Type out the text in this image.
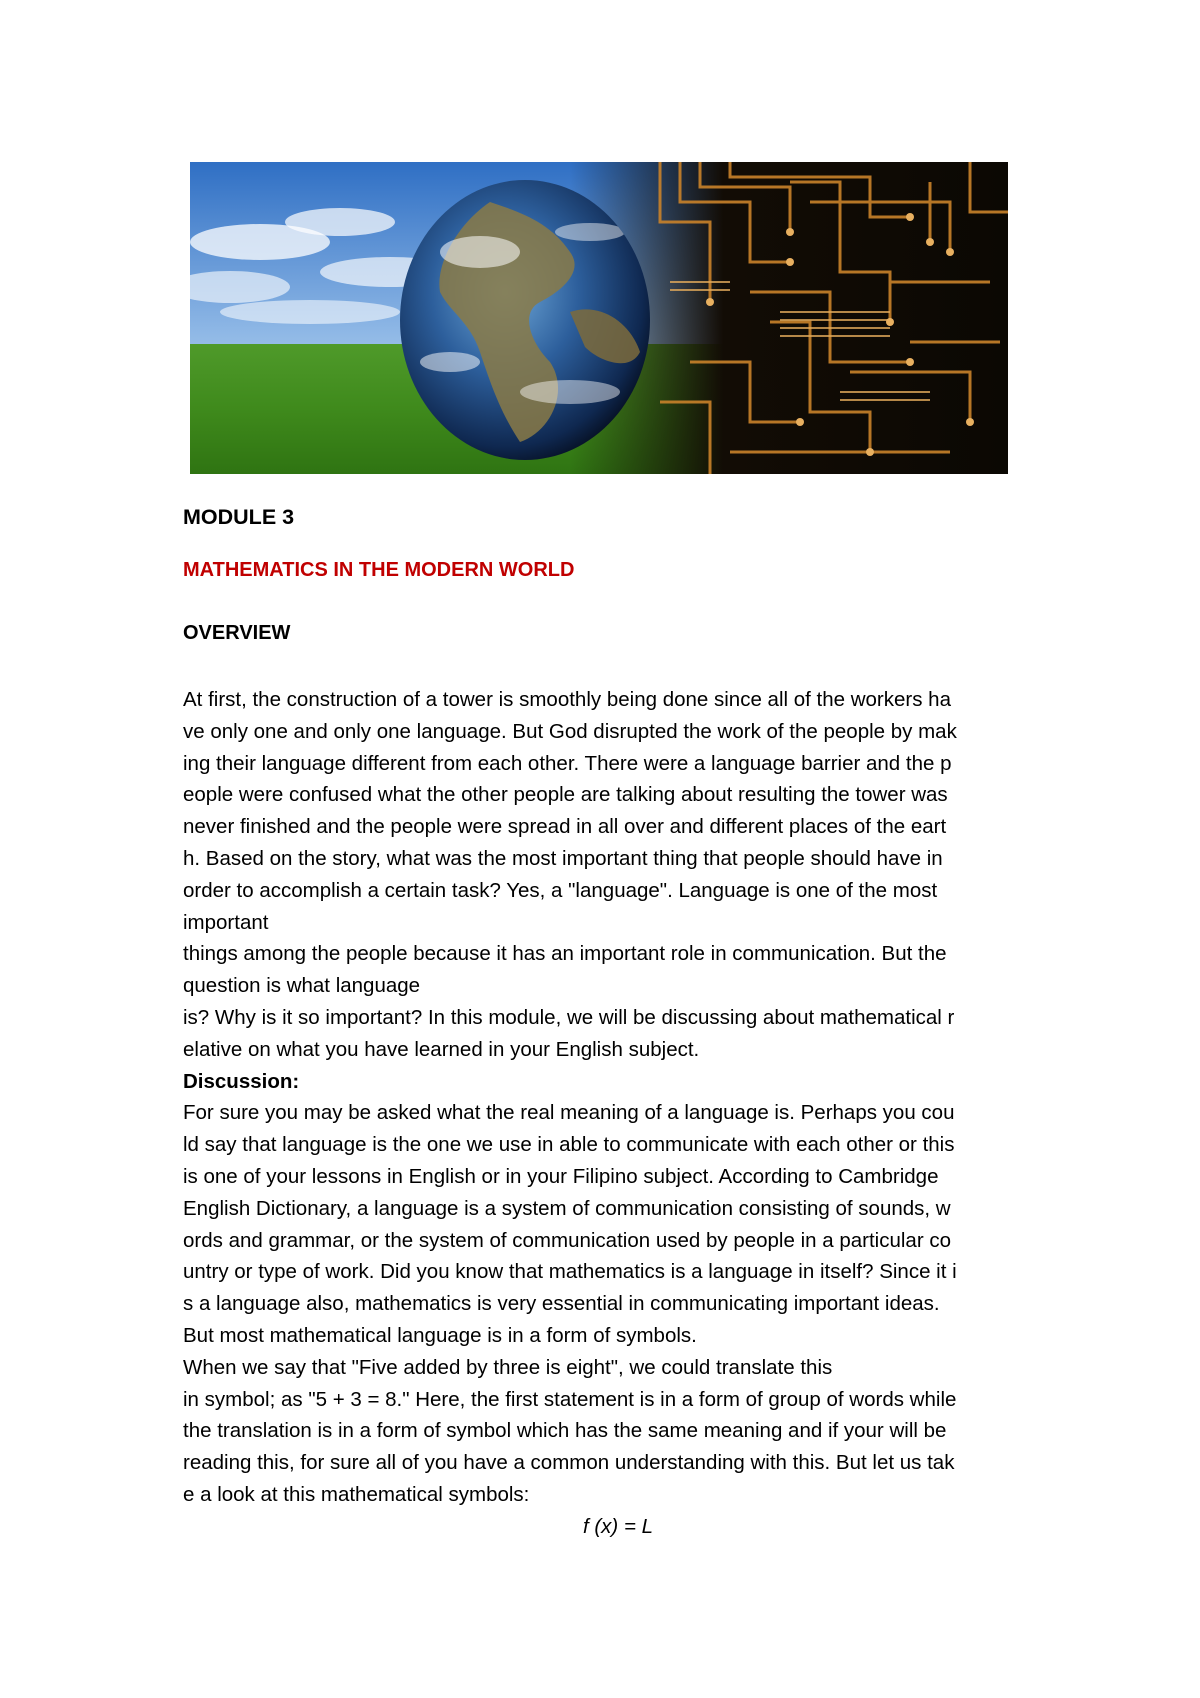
MODULE 3
MATHEMATICS IN THE MODERN WORLD
OVERVIEW
At first, the construction of a tower is smoothly being done since all of the workers ha
ve only one and only one language. But God disrupted the work of the people by mak
ing their language different from each other. There were a language barrier and the p
eople were confused what the other people are talking about resulting the tower was
never finished and the people were spread in all over and different places of the eart
h. Based on the story, what was the most important thing that people should have in
order to accomplish a certain task? Yes, a "language". Language is one of the most
important
things among the people because it has an important role in communication. But the
question is what language
is? Why is it so important? In this module, we will be discussing about mathematical r
elative on what you have learned in your English subject.
Discussion:
For sure you may be asked what the real meaning of a language is. Perhaps you cou
ld say that language is the one we use in able to communicate with each other or this
is one of your lessons in English or in your Filipino subject. According to Cambridge
English Dictionary, a language is a system of communication consisting of sounds, w
ords and grammar, or the system of communication used by people in a particular co
untry or type of work. Did you know that mathematics is a language in itself? Since it i
s a language also, mathematics is very essential in communicating important ideas.
But most mathematical language is in a form of symbols.
When we say that "Five added by three is eight", we could translate this
in symbol; as "5 + 3 = 8." Here, the first statement is in a form of group of words while
the translation is in a form of symbol which has the same meaning and if your will be
reading this, for sure all of you have a common understanding with this. But let us tak
e a look at this mathematical symbols:
f (x) = L
